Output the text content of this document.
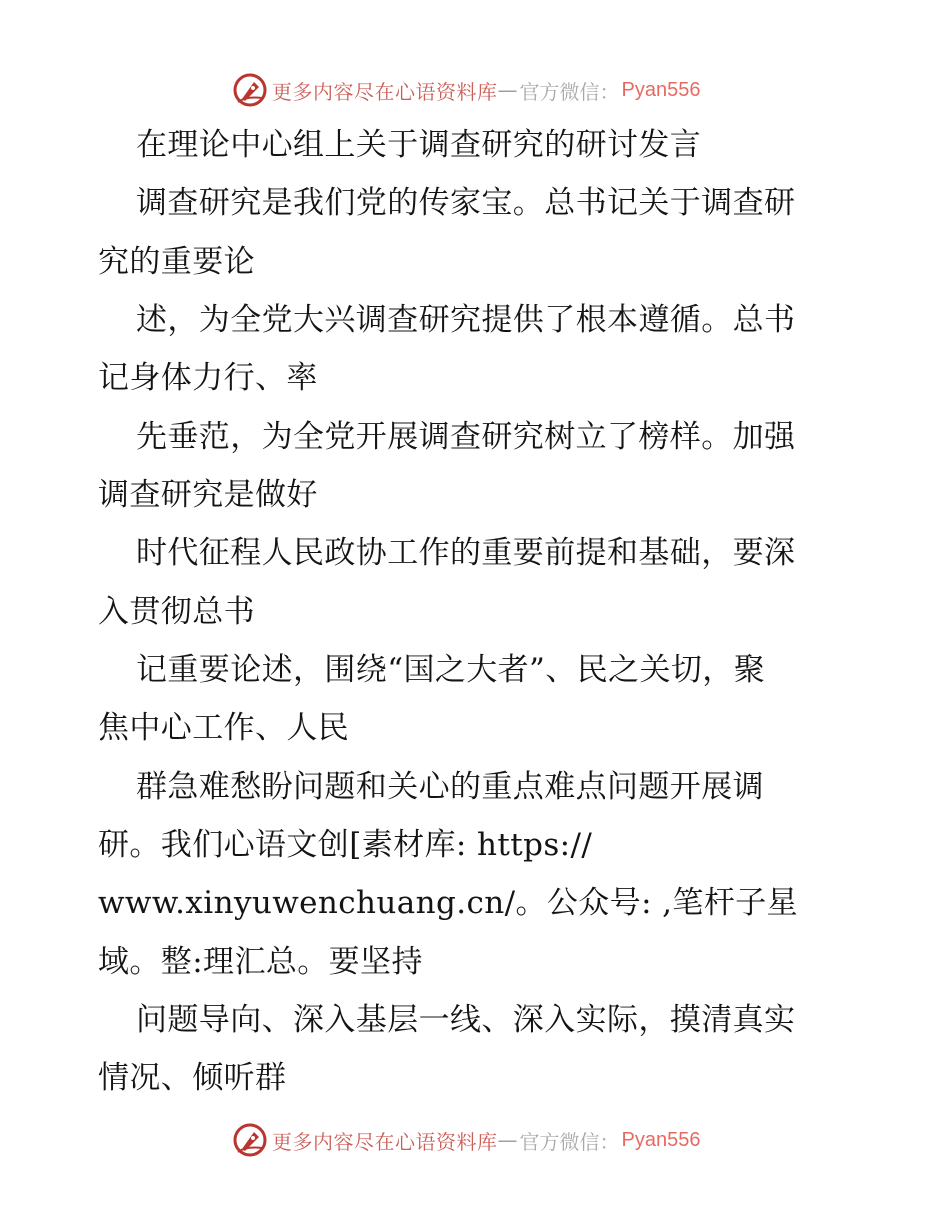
更多内容尽在心语资料库 — 官方微信： Pyan556
在理论中心组上关于调查研究的研讨发言
调查研究是我们党的传家宝。总书记关于调查研
究的重要论
述，为全党大兴调查研究提供了根本遵循。总书
记身体力行、率
先垂范，为全党开展调查研究树立了榜样。加强
调查研究是做好
时代征程人民政协工作的重要前提和基础，要深
入贯彻总书
记重要论述，围绕“国之大者”、民之关切，聚
焦中心工作、人民
群急难愁盼问题和关心的重点难点问题开展调
研。我们心语文创[素材库: https://
www.xinyuwenchuang.cn/。公众号: ,笔杆子星
域。整:理汇总。要坚持
问题导向、深入基层一线、深入实际，摸清真实
情况、倾听群
更多内容尽在心语资料库 — 官方微信： Pyan556
